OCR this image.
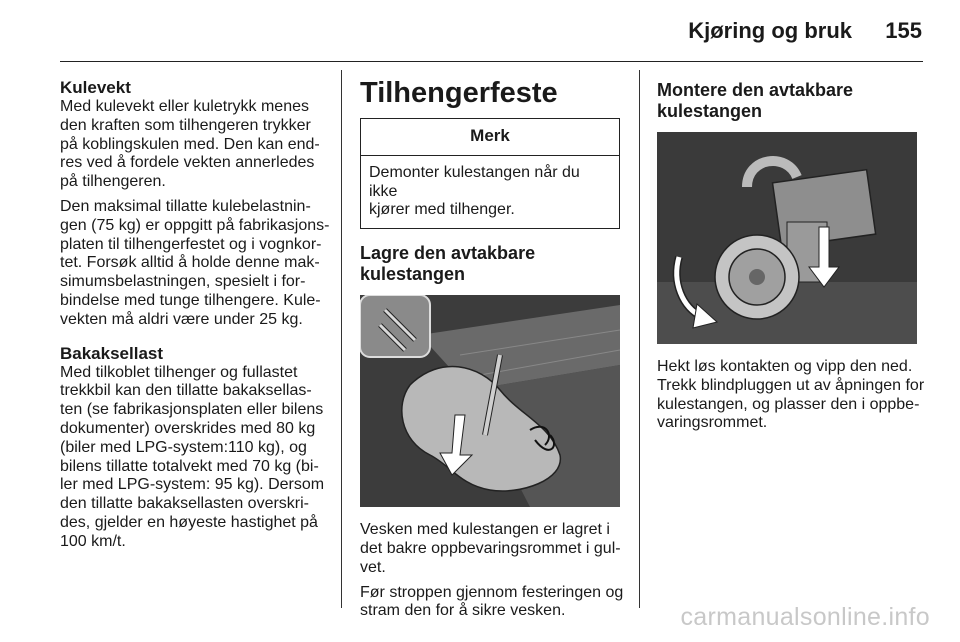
Kjøring og bruk 155
Kulevekt

Med kulevekt eller kuletrykk menes
den kraften som tilhengeren trykker
på koblingskulen med. Den kan end-
res ved å fordele vekten annerledes
på tilhengeren.

Den maksimal tillatte kulebelastnin-
gen (75 kg) er oppgitt på fabrikasjons-
platen til tilhengerfestet og i vognkor-
tet. Forsøk alltid å holde denne mak-
simumsbelastningen, spesielt i for-
bindelse med tunge tilhengere. Kule-
vekten må aldri være under 25 kg.

Bakaksellast

Med tilkoblet tilhenger og fullastet
trekkbil kan den tillatte bakaksellas-
ten (se fabrikasjonsplaten eller bilens
dokumenter) overskrides med 80 kg
(biler med LPG-system:110 kg), og
bilens tillatte totalvekt med 70 kg (bi-
ler med LPG-system: 95 kg). Dersom
den tillatte bakaksellasten overskri-
des, gjelder en høyeste hastighet på
100 km/t.

Tilhengerfeste
Merk
Demonter kulestangen når du ikke
kjører med tilhenger.
Lagre den avtakbare
kulestangen

Vesken med kulestangen er lagret i
det bakre oppbevaringsrommet i gul-
vet.

Før stroppen gjennom festeringen og
stram den for å sikre vesken.

Montere den avtakbare
kulestangen

Hekt løs kontakten og vipp den ned.
Trekk blindpluggen ut av åpningen for
kulestangen, og plasser den i oppbe-
varingsrommet.

carmanualsonline.info
